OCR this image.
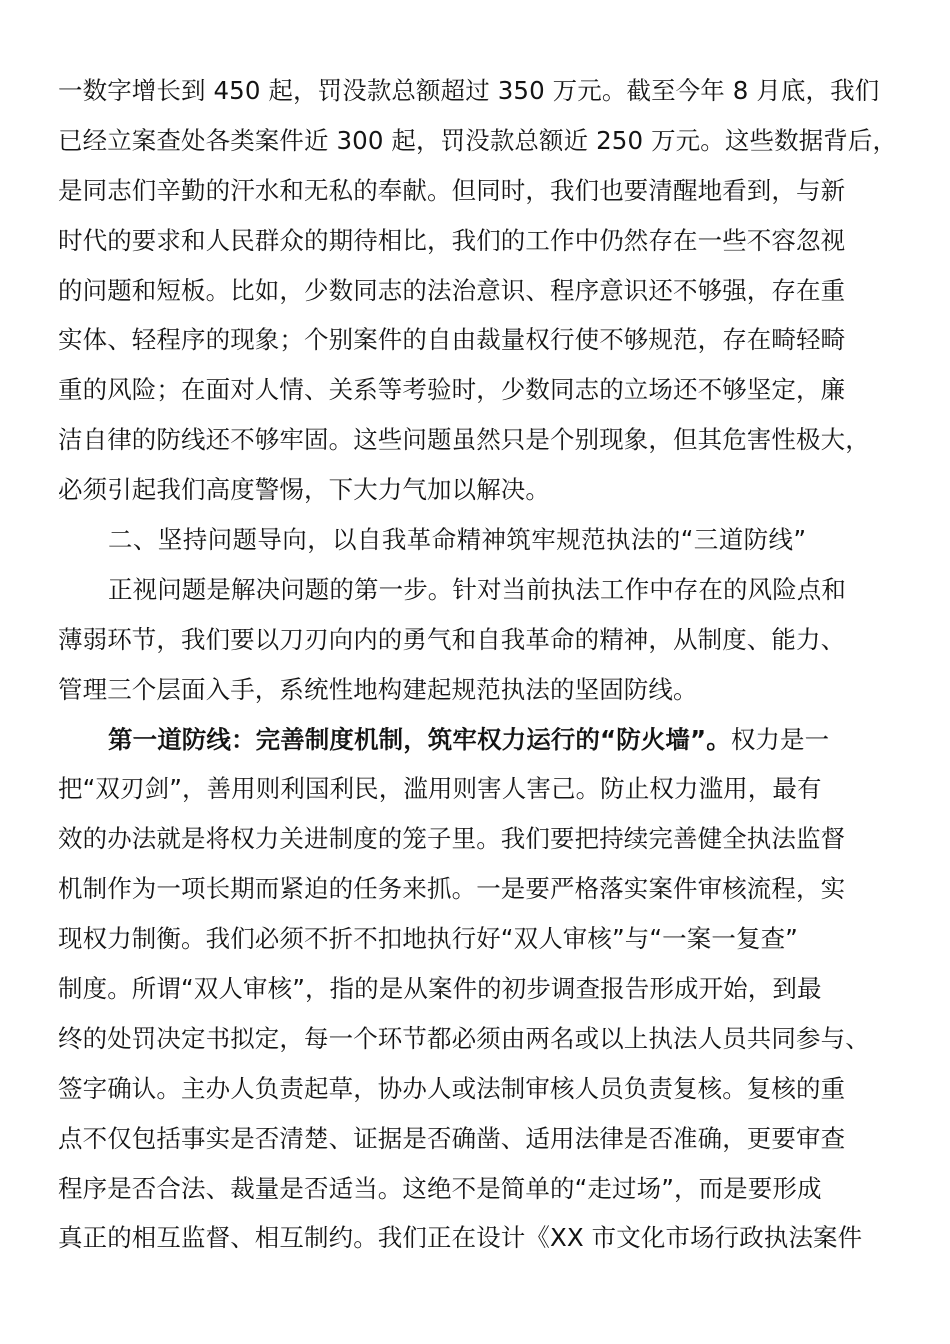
一数字增长到 450 起，罚没款总额超过 350 万元。截至今年 8 月底，我们
已经立案查处各类案件近 300 起，罚没款总额近 250 万元。这些数据背后，
是同志们辛勤的汗水和无私的奉献。但同时，我们也要清醒地看到，与新
时代的要求和人民群众的期待相比，我们的工作中仍然存在一些不容忽视
的问题和短板。比如，少数同志的法治意识、程序意识还不够强，存在重
实体、轻程序的现象；个别案件的自由裁量权行使不够规范，存在畸轻畸
重的风险；在面对人情、关系等考验时，少数同志的立场还不够坚定，廉
洁自律的防线还不够牢固。这些问题虽然只是个别现象，但其危害性极大，
必须引起我们高度警惕，下大力气加以解决。
二、坚持问题导向，以自我革命精神筑牢规范执法的“三道防线”
正视问题是解决问题的第一步。针对当前执法工作中存在的风险点和
薄弱环节，我们要以刀刃向内的勇气和自我革命的精神，从制度、能力、
管理三个层面入手，系统性地构建起规范执法的坚固防线。
第一道防线：完善制度机制，筑牢权力运行的“防火墙”。权力是一
把“双刃剑”，善用则利国利民，滥用则害人害己。防止权力滥用，最有
效的办法就是将权力关进制度的笼子里。我们要把持续完善健全执法监督
机制作为一项长期而紧迫的任务来抓。一是要严格落实案件审核流程，实
现权力制衡。我们必须不折不扣地执行好“双人审核”与“一案一复查”
制度。所谓“双人审核”，指的是从案件的初步调查报告形成开始，到最
终的处罚决定书拟定，每一个环节都必须由两名或以上执法人员共同参与、
签字确认。主办人负责起草，协办人或法制审核人员负责复核。复核的重
点不仅包括事实是否清楚、证据是否确凿、适用法律是否准确，更要审查
程序是否合法、裁量是否适当。这绝不是简单的“走过场”，而是要形成
真正的相互监督、相互制约。我们正在设计《XX 市文化市场行政执法案件
